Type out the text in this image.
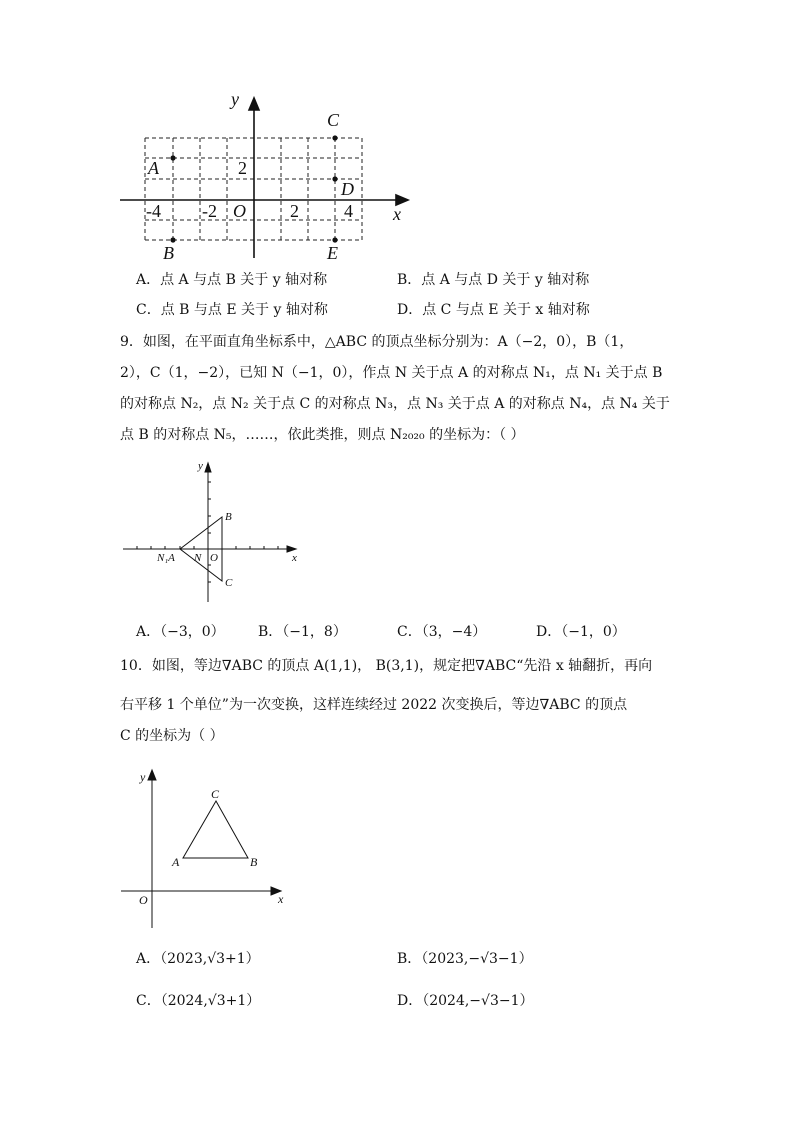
y
x
O
-4 -2	2	4
2
A
B
C
D
E
A．点 A 与点 B 关于 y 轴对称	B．点 A 与点 D 关于 y 轴对称
C．点 B 与点 E 关于 y 轴对称	D．点 C 与点 E 关于 x 轴对称
9．如图，在平面直角坐标系中，△ABC 的顶点坐标分别为：A（−2，0），B（1，
2），C（1，−2），已知 N（−1，0），作点 N 关于点 A 的对称点 N₁，点 N₁ 关于点 B
的对称点 N₂，点 N₂ 关于点 C 的对称点 N₃，点 N₃ 关于点 A 的对称点 N₄，点 N₄ 关于
点 B 的对称点 N₅，……，依此类推，则点 N₂₀₂₀ 的坐标为：（ ）
y
x
O
N₁A N
B
C
A．（−3，0） B．（−1，8）	C．（3，−4）	D．（−1，0）
10．如图，等边∇ABC 的顶点 A(1,1)， B(3,1)，规定把∇ABC“先沿 x 轴翻折，再向
右平移 1 个单位”为一次变换，这样连续经过 2022 次变换后，等边∇ABC 的顶点
C 的坐标为（ ）
y
x
O
A	B
C
A．（2023,√3+1）	B．（2023,−√3−1）
C．（2024,√3+1）	D．（2024,−√3−1）
